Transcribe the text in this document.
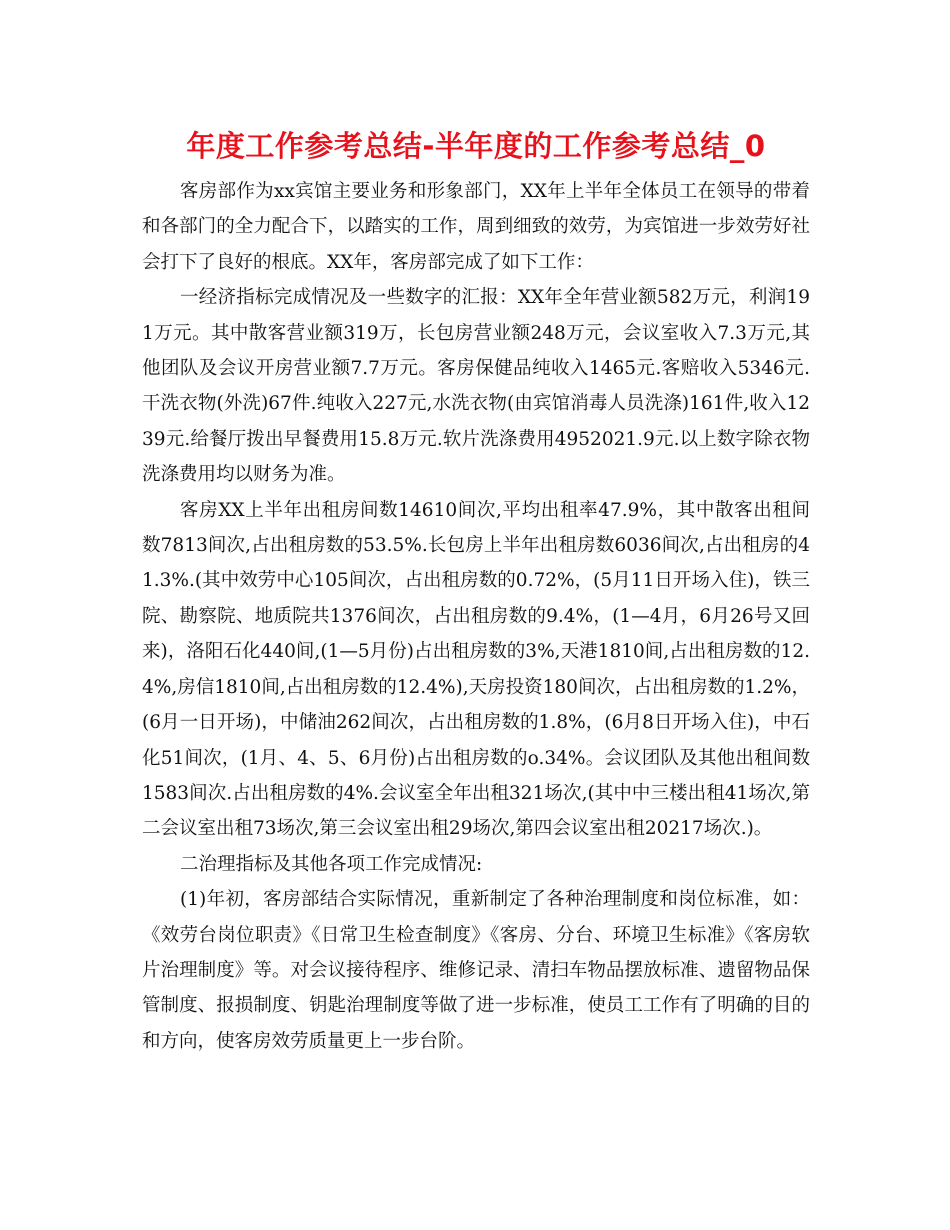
年度工作参考总结-半年度的工作参考总结_0

客房部作为xx宾馆主要业务和形象部门，XX年上半年全体员工在领导的带着和各部门的全力配合下，以踏实的工作，周到细致的效劳，为宾馆进一步效劳好社会打下了良好的根底。XX年，客房部完成了如下工作：

一经济指标完成情况及一些数字的汇报：XX年全年营业额582万元，利润191万元。其中散客营业额319万，长包房营业额248万元，会议室收入7.3万元,其他团队及会议开房营业额7.7万元。客房保健品纯收入1465元.客赔收入5346元.干洗衣物(外洗)67件.纯收入227元,水洗衣物(由宾馆消毒人员洗涤)161件,收入1239元.给餐厅拨出早餐费用15.8万元.软片洗涤费用4952021.9元.以上数字除衣物洗涤费用均以财务为准。

客房XX上半年出租房间数14610间次,平均出租率47.9%，其中散客出租间数7813间次,占出租房数的53.5%.长包房上半年出租房数6036间次,占出租房的41.3%.(其中效劳中心105间次，占出租房数的0.72%，(5月11日开场入住)，铁三院、勘察院、地质院共1376间次，占出租房数的9.4%，(1—4月，6月26号又回来)，洛阳石化440间,(1—5月份)占出租房数的3%,天港1810间,占出租房数的12.4%,房信1810间,占出租房数的12.4%),天房投资180间次，占出租房数的1.2%，(6月一日开场)，中储油262间次，占出租房数的1.8%，(6月8日开场入住)，中石化51间次，(1月、4、5、6月份)占出租房数的o.34%。会议团队及其他出租间数1583间次.占出租房数的4%.会议室全年出租321场次,(其中中三楼出租41场次,第二会议室出租73场次,第三会议室出租29场次,第四会议室出租20217场次.)。

二治理指标及其他各项工作完成情况:

(1)年初，客房部结合实际情况，重新制定了各种治理制度和岗位标准，如：《效劳台岗位职责》《日常卫生检查制度》《客房、分台、环境卫生标准》《客房软片治理制度》等。对会议接待程序、维修记录、清扫车物品摆放标准、遗留物品保管制度、报损制度、钥匙治理制度等做了进一步标准，使员工工作有了明确的目的和方向，使客房效劳质量更上一步台阶。
